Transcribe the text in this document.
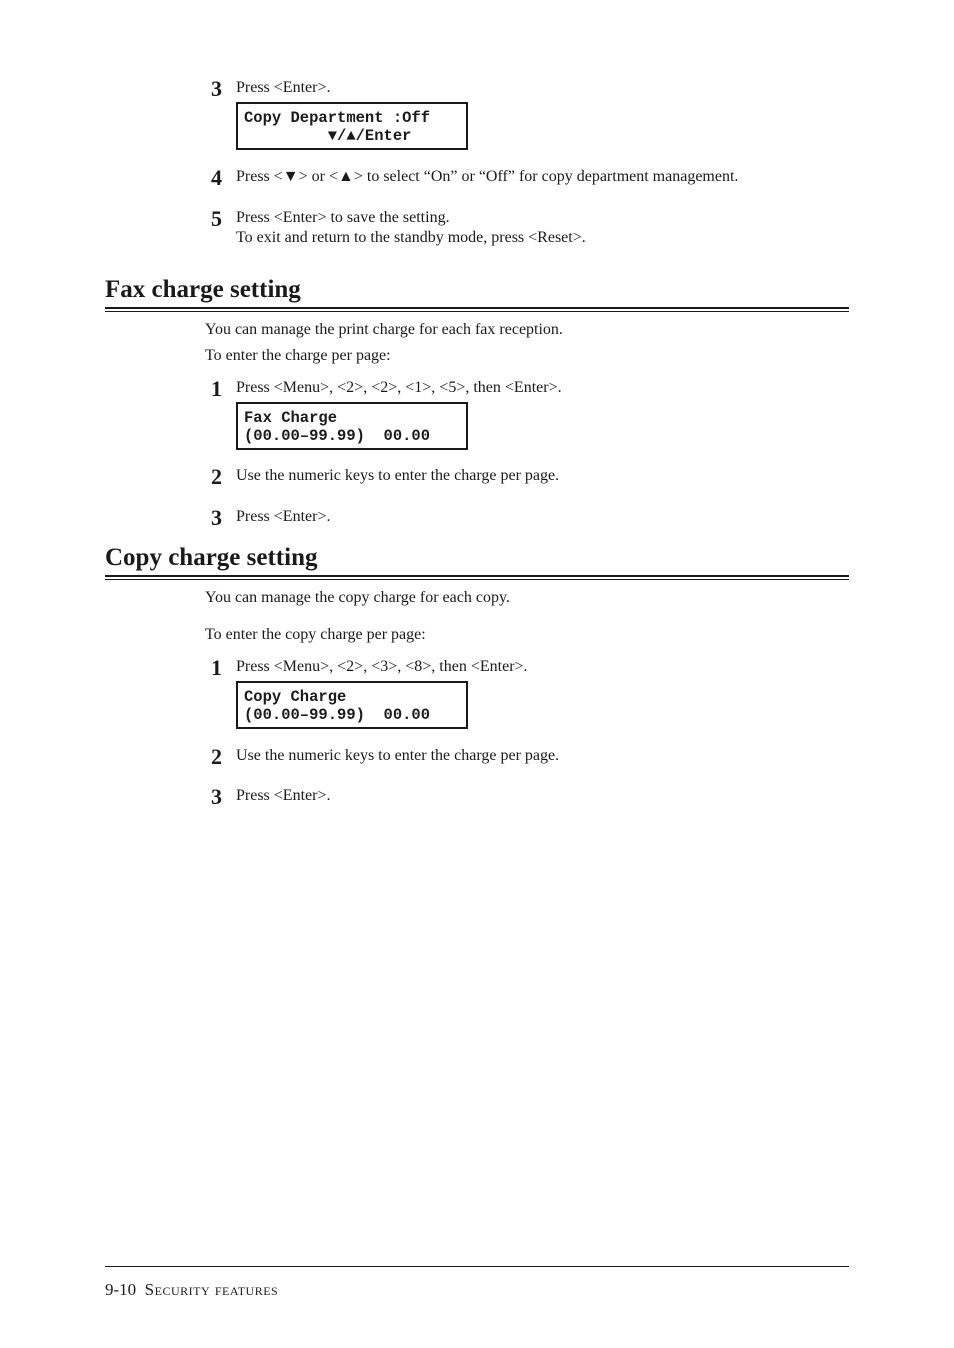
3 Press <Enter>.
Copy Department :Off
▼/▲/Enter
4 Press <▼> or <▲> to select “On” or “Off” for copy department management.
5 Press <Enter> to save the setting.
To exit and return to the standby mode, press <Reset>.
Fax charge setting
You can manage the print charge for each fax reception.
To enter the charge per page:
1 Press <Menu>, <2>, <2>, <1>, <5>, then <Enter>.
Fax Charge
(00.00–99.99)  00.00
2 Use the numeric keys to enter the charge per page.
3 Press <Enter>.
Copy charge setting
You can manage the copy charge for each copy.
To enter the copy charge per page:
1 Press <Menu>, <2>, <3>, <8>, then <Enter>.
Copy Charge
(00.00–99.99)  00.00
2 Use the numeric keys to enter the charge per page.
3 Press <Enter>.
9-10 Security features
